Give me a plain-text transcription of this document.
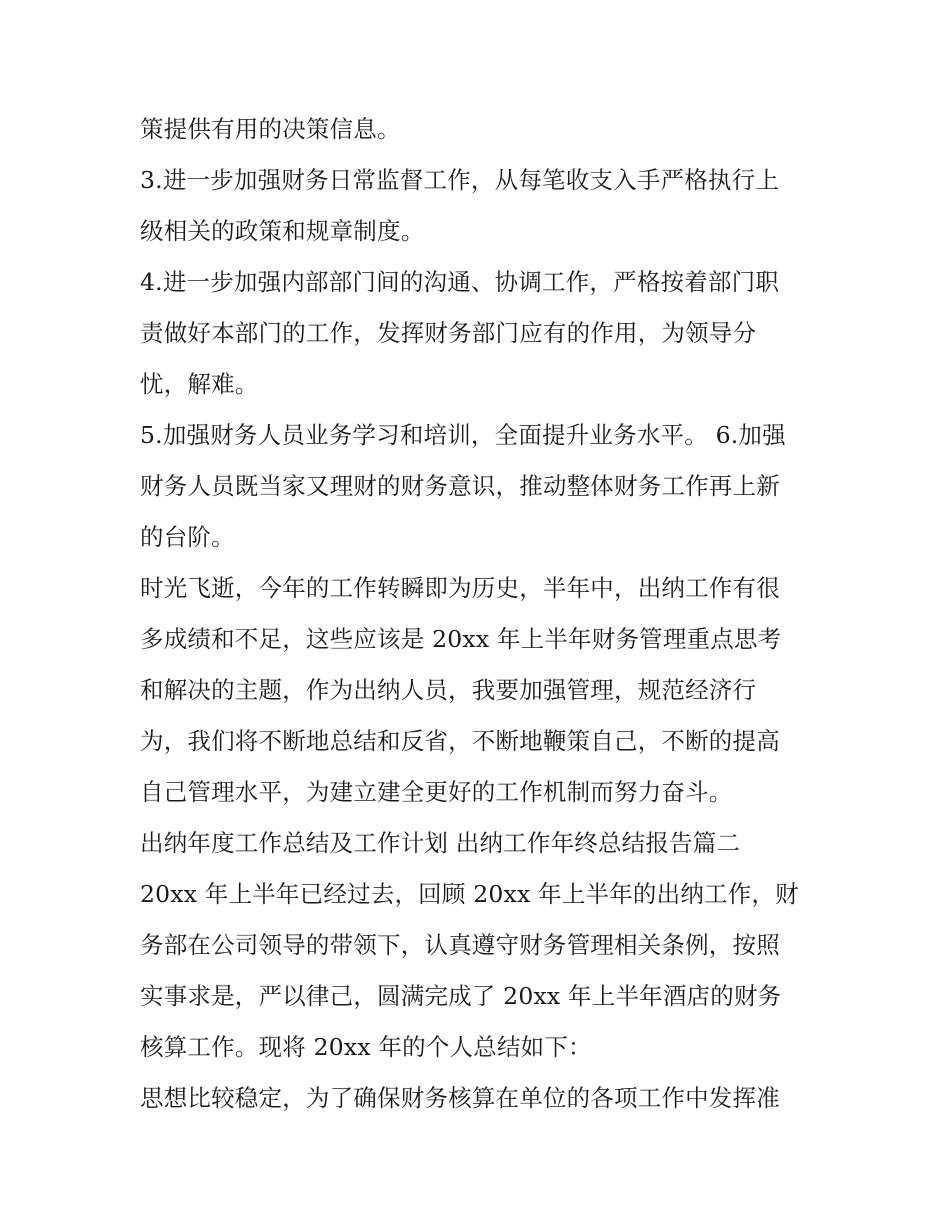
策提供有用的决策信息。
3.进一步加强财务日常监督工作，从每笔收支入手严格执行上
级相关的政策和规章制度。
4.进一步加强内部部门间的沟通、协调工作，严格按着部门职
责做好本部门的工作，发挥财务部门应有的作用，为领导分
忧，解难。
5.加强财务人员业务学习和培训，全面提升业务水平。 6.加强
财务人员既当家又理财的财务意识，推动整体财务工作再上新
的台阶。
时光飞逝，今年的工作转瞬即为历史，半年中，出纳工作有很
多成绩和不足，这些应该是 20xx 年上半年财务管理重点思考
和解决的主题，作为出纳人员，我要加强管理，规范经济行
为，我们将不断地总结和反省，不断地鞭策自己，不断的提高
自己管理水平，为建立建全更好的工作机制而努力奋斗。
出纳年度工作总结及工作计划 出纳工作年终总结报告篇二
20xx 年上半年已经过去，回顾 20xx 年上半年的出纳工作，财
务部在公司领导的带领下，认真遵守财务管理相关条例，按照
实事求是，严以律己，圆满完成了 20xx 年上半年酒店的财务
核算工作。现将 20xx 年的个人总结如下：
思想比较稳定，为了确保财务核算在单位的各项工作中发挥准
